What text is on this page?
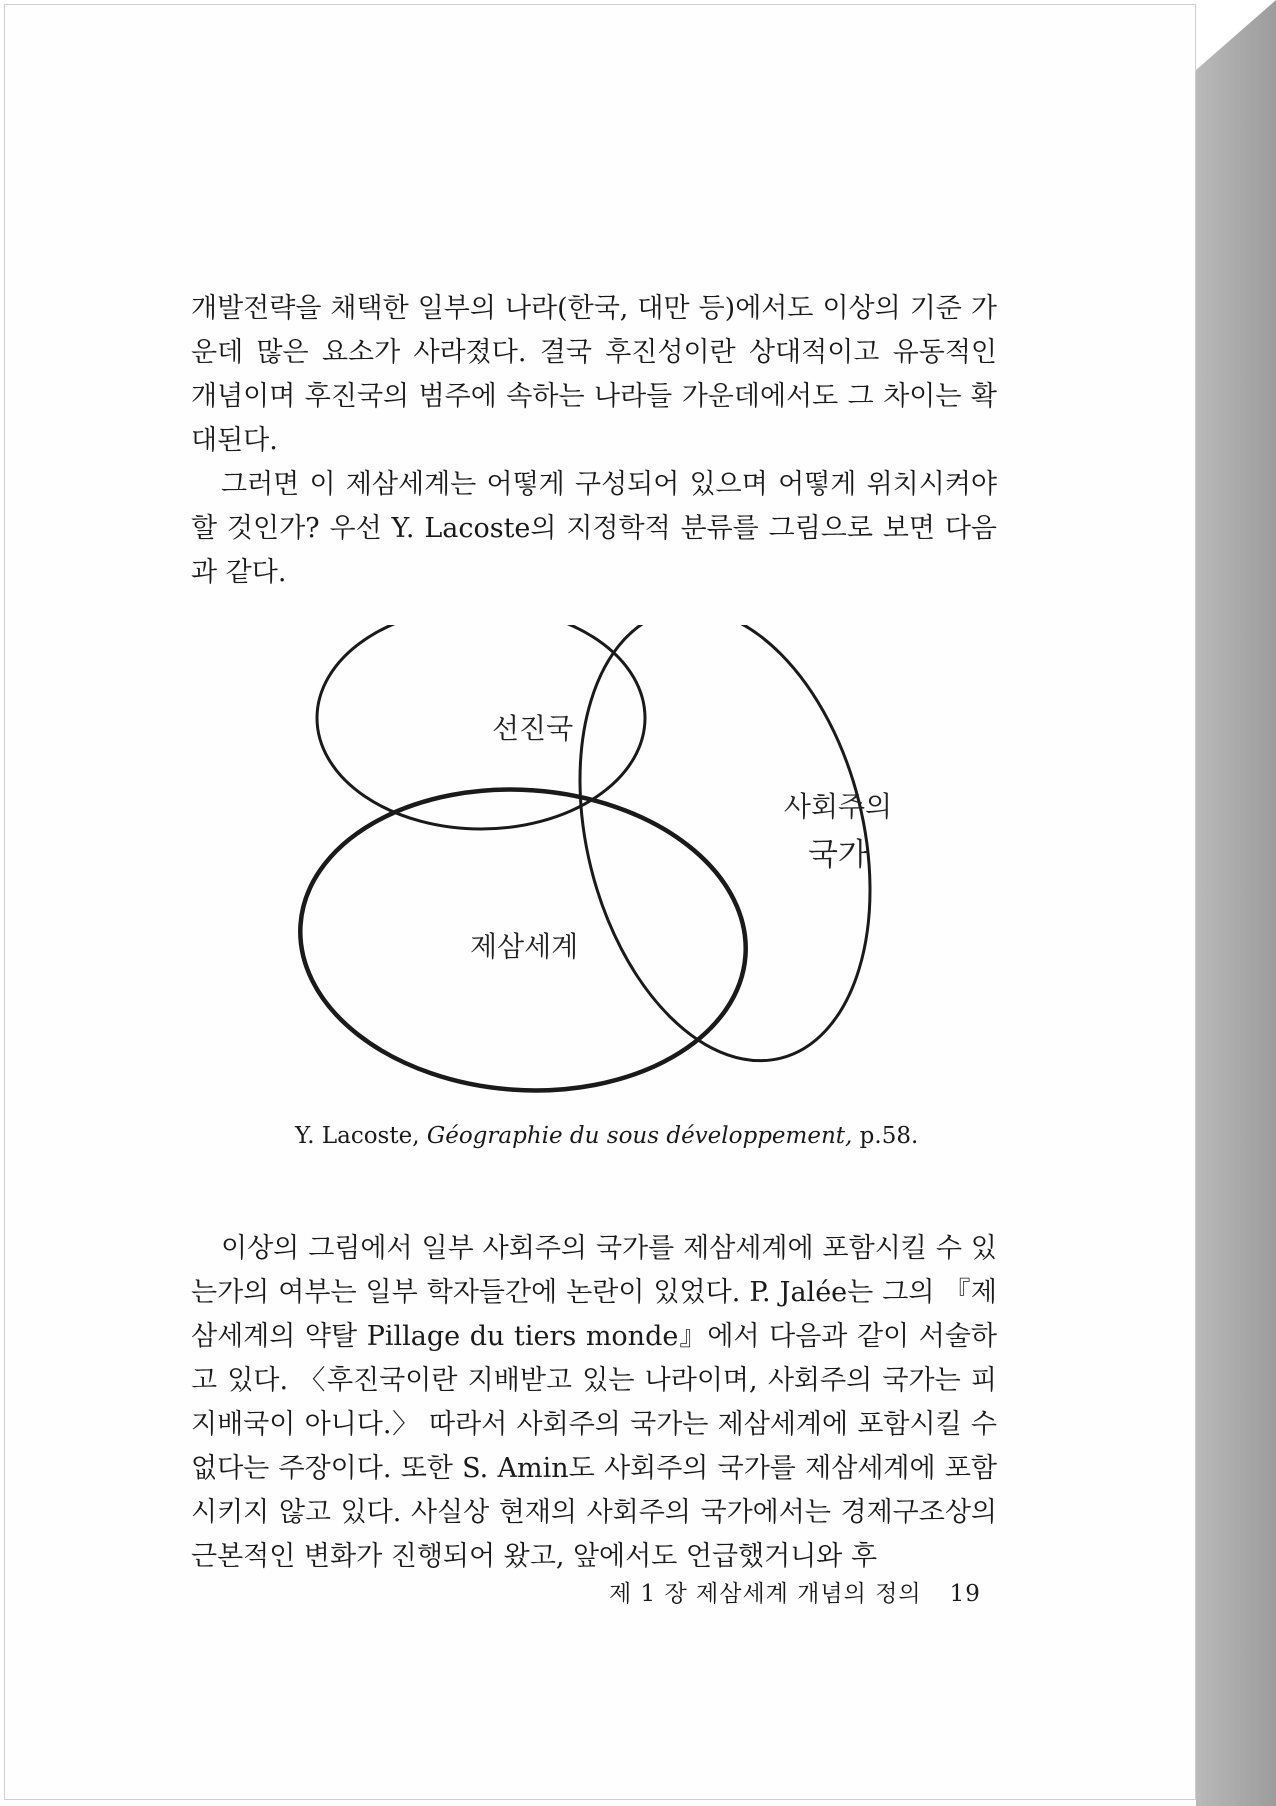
개발전략을 채택한 일부의 나라(한국, 대만 등)에서도 이상의 기준 가운데 많은 요소가 사라졌다. 결국 후진성이란 상대적이고 유동적인 개념이며 후진국의 범주에 속하는 나라들 가운데에서도 그 차이는 확대된다.

그러면 이 제삼세계는 어떻게 구성되어 있으며 어떻게 위치시켜야 할 것인가? 우선 Y. Lacoste의 지정학적 분류를 그림으로 보면 다음과 같다.

선진국
제삼세계
사회주의
국가
Y. Lacoste, Géographie du sous développement, p.58.

이상의 그림에서 일부 사회주의 국가를 제삼세계에 포함시킬 수 있는가의 여부는 일부 학자들간에 논란이 있었다. P. Jalée는 그의 『제삼세계의 약탈 Pillage du tiers monde』에서 다음과 같이 서술하고 있다. 〈후진국이란 지배받고 있는 나라이며, 사회주의 국가는 피지배국이 아니다.〉 따라서 사회주의 국가는 제삼세계에 포함시킬 수 없다는 주장이다. 또한 S. Amin도 사회주의 국가를 제삼세계에 포함시키지 않고 있다. 사실상 현재의 사회주의 국가에서는 경제구조상의 근본적인 변화가 진행되어 왔고, 앞에서도 언급했거니와 후

제 1 장 제삼세계 개념의 정의 19
